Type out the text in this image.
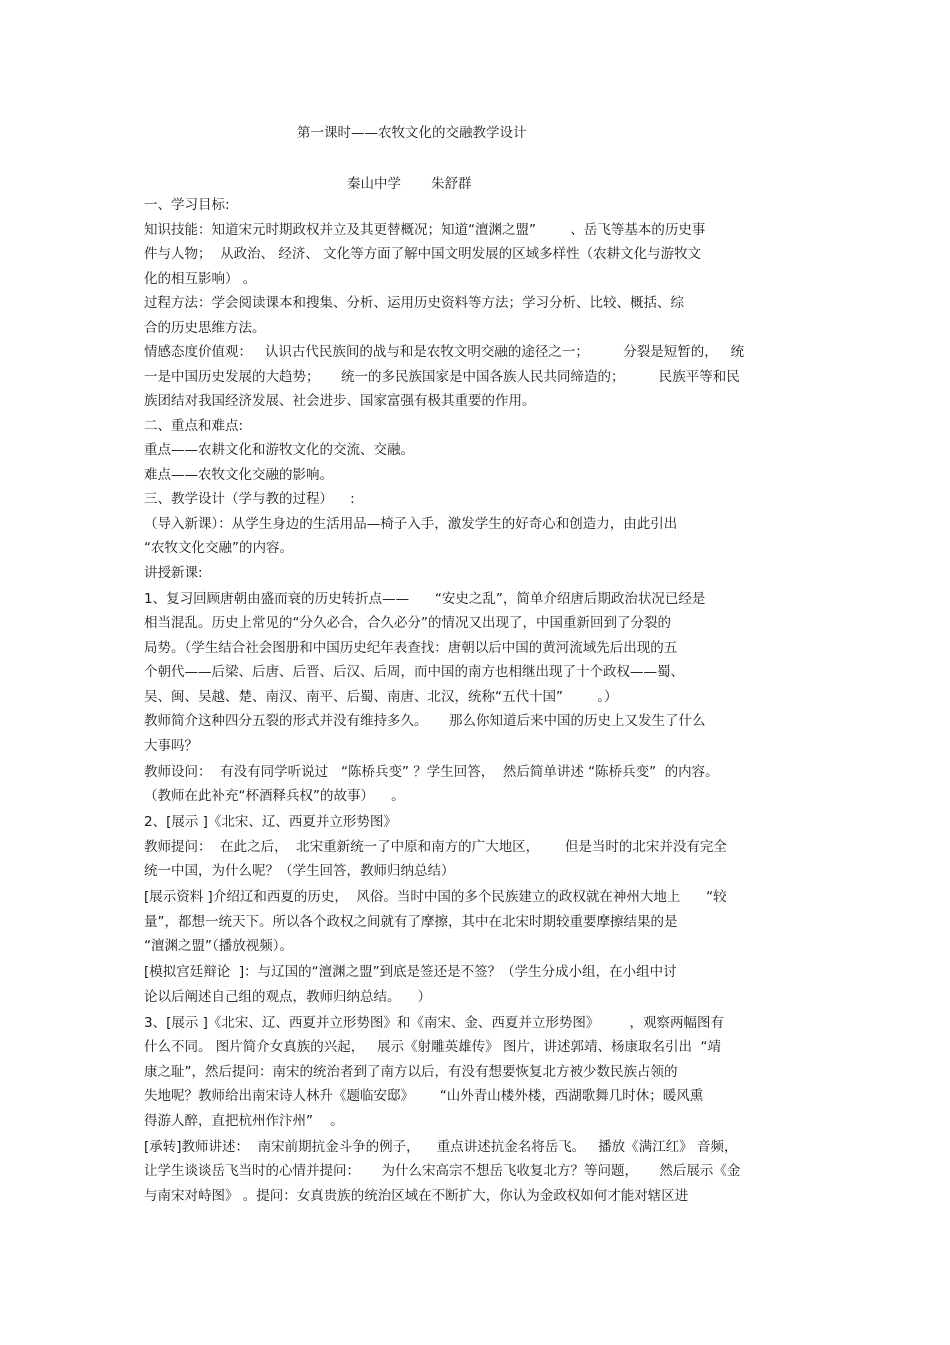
第一课时——农牧文化的交融教学设计
秦山中学 朱舒群
一、学习目标:
知识技能：知道宋元时期政权并立及其更替概况；知道“澶渊之盟”        、岳飞等基本的历史事
件与人物；  从政治、 经济、 文化等方面了解中国文明发展的区域多样性（农耕文化与游牧文
化的相互影响） 。
过程方法：学会阅读课本和搜集、分析、运用历史资料等方法；学习分析、比较、概括、综
合的历史思维方法。
情感态度价值观：   认识古代民族间的战与和是农牧文明交融的途径之一；        分裂是短暂的，   统
一是中国历史发展的大趋势；     统一的多民族国家是中国各族人民共同缔造的；        民族平等和民
族团结对我国经济发展、社会进步、国家富强有极其重要的作用。
二、重点和难点:
重点——农耕文化和游牧文化的交流、交融。
难点——农牧文化交融的影响。
三、教学设计（学与教的过程）    :
（导入新课）：从学生身边的生活用品—椅子入手，激发学生的好奇心和创造力，由此引出
“农牧文化交融”的内容。
讲授新课:
1、复习回顾唐朝由盛而衰的历史转折点——      “安史之乱”，简单介绍唐后期政治状况已经是
相当混乱。历史上常见的“分久必合，合久必分”的情况又出现了，中国重新回到了分裂的
局势。（学生结合社会图册和中国历史纪年表查找：唐朝以后中国的黄河流域先后出现的五
个朝代——后梁、后唐、后晋、后汉、后周，而中国的南方也相继出现了十个政权——蜀、
吴、闽、吴越、楚、南汉、南平、后蜀、南唐、北汉，统称“五代十国”        。）
教师简介这种四分五裂的形式并没有维持多久。     那么你知道后来中国的历史上又发生了什么
大事吗？
教师设问：  有没有同学听说过   “陈桥兵变” ？学生回答，  然后简单讲述 “陈桥兵变”  的内容。
（教师在此补充“杯酒释兵权”的故事）    。
2、[展示 ]《北宋、辽、西夏并立形势图》
教师提问：  在此之后，  北宋重新统一了中原和南方的广大地区，      但是当时的北宋并没有完全
统一中国，为什么呢？（学生回答，教师归纳总结）
[展示资料 ]介绍辽和西夏的历史，  风俗。当时中国的多个民族建立的政权就在神州大地上      “较
量”，都想一统天下。所以各个政权之间就有了摩擦，其中在北宋时期较重要摩擦结果的是
“澶渊之盟”（播放视频）。
[模拟宫廷辩论  ]：与辽国的“澶渊之盟”到底是签还是不签？（学生分成小组，在小组中讨
论以后阐述自己组的观点，教师归纳总结。    ）
3、[展示 ]《北宋、辽、西夏并立形势图》和《南宋、金、西夏并立形势图》       ，观察两幅图有
什么不同。 图片简介女真族的兴起，   展示《射雕英雄传》 图片，讲述郭靖、杨康取名引出  “靖
康之耻”，然后提问：南宋的统治者到了南方以后，有没有想要恢复北方被少数民族占领的
失地呢？教师给出南宋诗人林升《题临安邸》      “山外青山楼外楼，西湖歌舞几时休；暖风熏
得游人醉，直把杭州作汴州”    。
[承转]教师讲述：  南宋前期抗金斗争的例子，    重点讲述抗金名将岳飞。   播放《满江红》 音频，
让学生谈谈岳飞当时的心情并提问：     为什么宋高宗不想岳飞收复北方？等问题，     然后展示《金
与南宋对峙图》 。提问：女真贵族的统治区域在不断扩大，你认为金政权如何才能对辖区进
